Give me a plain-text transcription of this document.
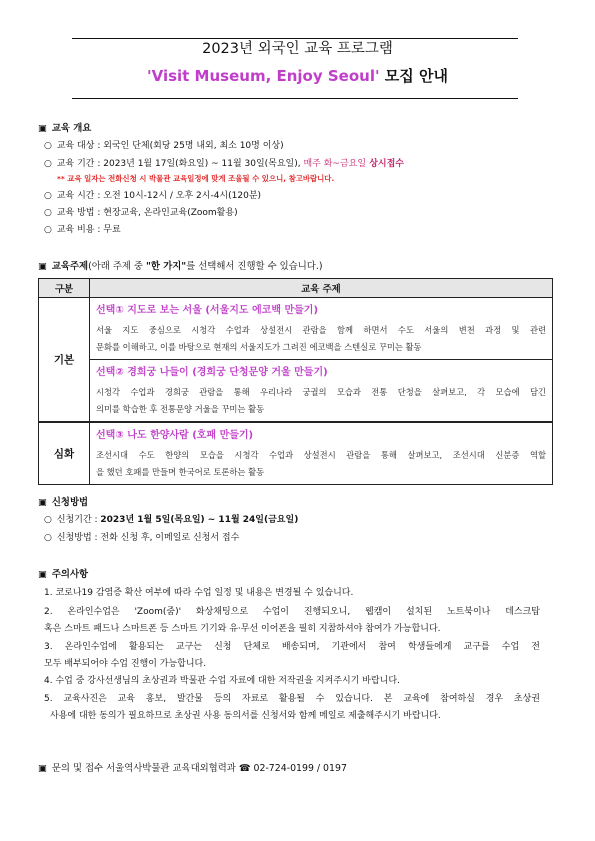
2023년 외국인 교육 프로그램
'Visit Museum, Enjoy Seoul' 모집 안내
▣ 교육 개요
○ 교육 대상 : 외국인 단체(회당 25명 내외, 최소 10명 이상)
○ 교육 기간 : 2023년 1월 17일(화요일) ~ 11월 30일(목요일), 매주 화~금요일 상시접수
** 교육 일자는 전화신청 시 박물관 교육일정에 맞게 조율될 수 있으니, 참고바랍니다.
○ 교육 시간 : 오전 10시-12시 / 오후 2시-4시(120분)
○ 교육 방법 : 현장교육, 온라인교육(Zoom활용)
○ 교육 비용 : 무료
▣ 교육주제(아래 주제 중 "한 가지"를 선택해서 진행할 수 있습니다.)
구분	교육 주제
기본	선택① 지도로 보는 서울 (서울지도 에코백 만들기)
서울 지도 중심으로 시청각 수업과 상설전시 관람을 함께 하면서 수도 서울의 변천 과정 및 관련
문화를 이해하고, 이를 바탕으로 현재의 서울지도가 그려진 에코백을 스텐실로 꾸미는 활동

	선택② 경희궁 나들이 (경희궁 단청문양 거울 만들기)
시청각 수업과 경희궁 관람을 통해 우리나라 궁궐의 모습과 전통 단청을 살펴보고, 각 모습에 담긴
의미를 학습한 후 전통문양 거울을 꾸미는 활동

심화	선택③ 나도 한양사람 (호패 만들기)
조선시대 수도 한양의 모습을 시청각 수업과 상설전시 관람을 통해 살펴보고, 조선시대 신분증 역할
을 했던 호패를 만들며 한국어로 토론하는 활동
▣ 신청방법
○ 신청기간 : 2023년 1월 5일(목요일) ~ 11월 24일(금요일)
○ 신청방법 : 전화 신청 후, 이메일로 신청서 접수
▣ 주의사항
1. 코로나19 감염증 확산 여부에 따라 수업 일정 및 내용은 변경될 수 있습니다.
2. 온라인수업은 'Zoom(줌)' 화상채팅으로 수업이 진행되오니, 웹캠이 설치된 노트북이나 데스크탑
혹은 스마트 패드나 스마트폰 등 스마트 기기와 유·무선 이어폰을 필히 지참하셔야 참여가 가능합니다.
3. 온라인수업에 활용되는 교구는 신청 단체로 배송되며, 기관에서 참여 학생들에게 교구를 수업 전
모두 배부되어야 수업 진행이 가능합니다.
4. 수업 중 강사선생님의 초상권과 박물관 수업 자료에 대한 저작권을 지켜주시기 바랍니다.
5. 교육사진은 교육 홍보, 발간물 등의 자료로 활용될 수 있습니다. 본 교육에 참여하실 경우 초상권
사용에 대한 동의가 필요하므로 초상권 사용 동의서를 신청서와 함께 메일로 제출해주시기 바랍니다.
▣ 문의 및 접수 서울역사박물관 교육대외협력과 ☎ 02-724-0199 / 0197
